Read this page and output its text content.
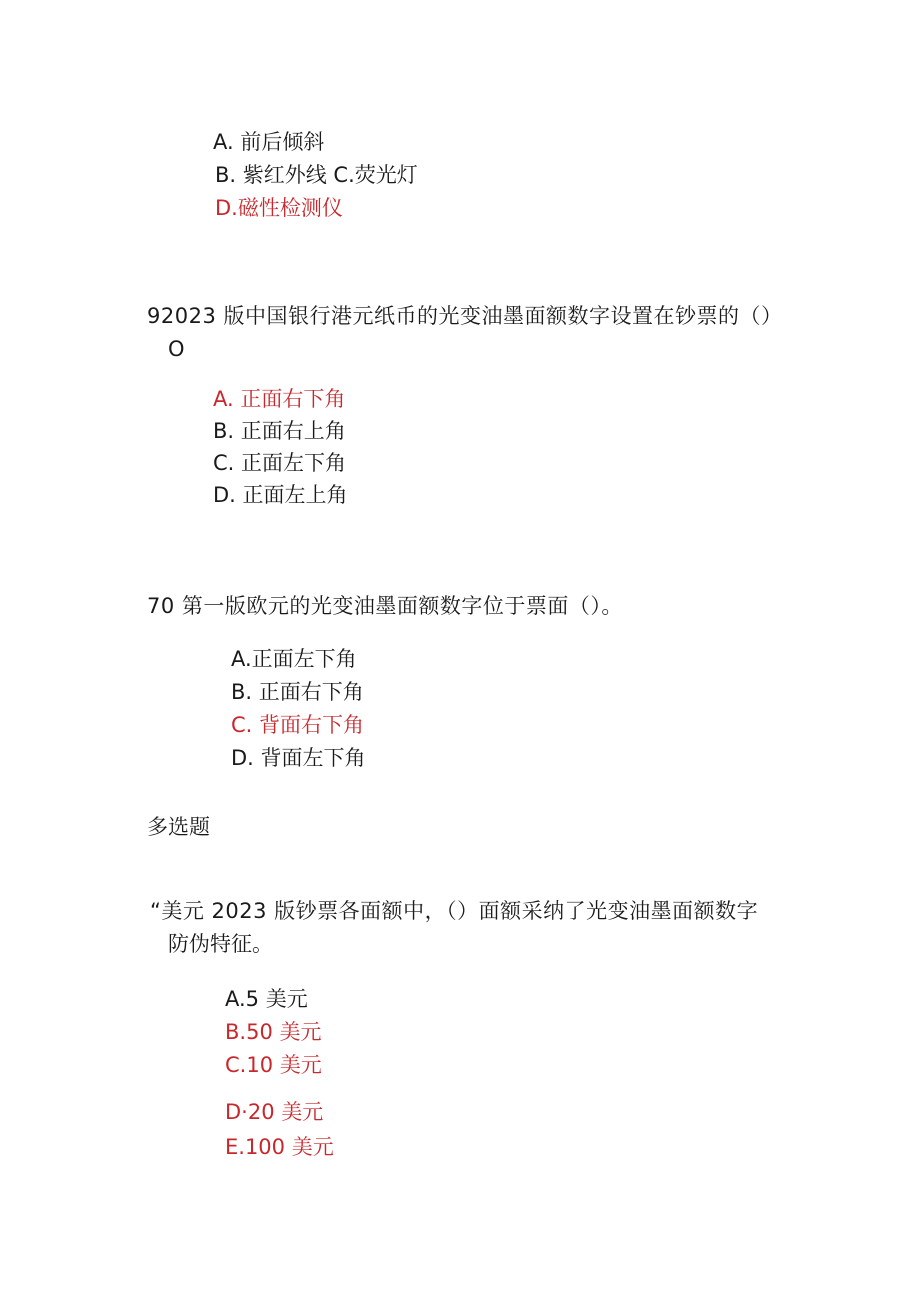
A. 前后倾斜
B. 紫红外线 C.荧光灯
D.磁性检测仪
92023 版中国银行港元纸币的光变油墨面额数字设置在钞票的（）
O
A. 正面右下角
B. 正面右上角
C. 正面左下角
D. 正面左上角
70 第一版欧元的光变油墨面额数字位于票面（）。
A.正面左下角
B. 正面右下角
C. 背面右下角
D. 背面左下角
多选题
“美元 2023 版钞票各面额中，（）面额采纳了光变油墨面额数字
防伪特征。
A.5 美元
B.50 美元
C.10 美元
D·20 美元
E.100 美元
